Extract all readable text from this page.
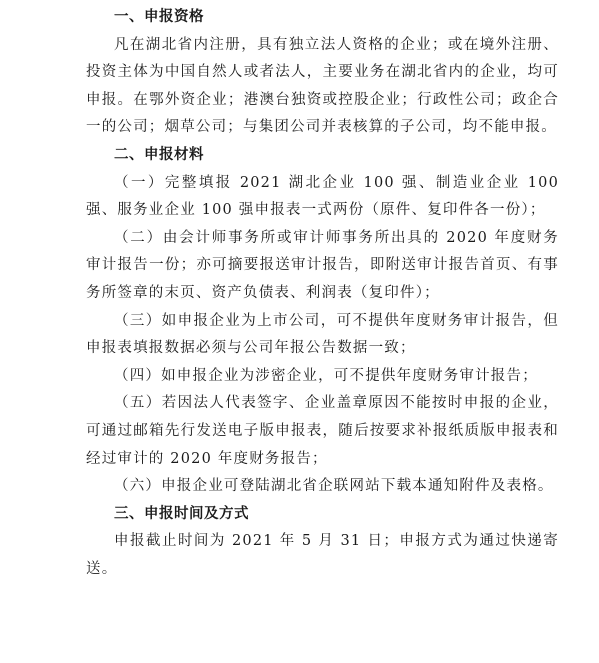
一、申报资格
凡在湖北省内注册，具有独立法人资格的企业；或在境外注册、投资主体为中国自然人或者法人，主要业务在湖北省内的企业，均可申报。在鄂外资企业；港澳台独资或控股企业；行政性公司；政企合一的公司；烟草公司；与集团公司并表核算的子公司，均不能申报。
二、申报材料
（一）完整填报 2021 湖北企业 100 强、制造业企业 100 强、服务业企业 100 强申报表一式两份（原件、复印件各一份）；
（二）由会计师事务所或审计师事务所出具的 2020 年度财务审计报告一份；亦可摘要报送审计报告，即附送审计报告首页、有事务所签章的末页、资产负债表、利润表（复印件）；
（三）如申报企业为上市公司，可不提供年度财务审计报告，但申报表填报数据必须与公司年报公告数据一致；
（四）如申报企业为涉密企业，可不提供年度财务审计报告；
（五）若因法人代表签字、企业盖章原因不能按时申报的企业，可通过邮箱先行发送电子版申报表，随后按要求补报纸质版申报表和经过审计的 2020 年度财务报告；
（六）申报企业可登陆湖北省企联网站下载本通知附件及表格。
三、申报时间及方式
申报截止时间为 2021 年 5 月 31 日；申报方式为通过快递寄送。
